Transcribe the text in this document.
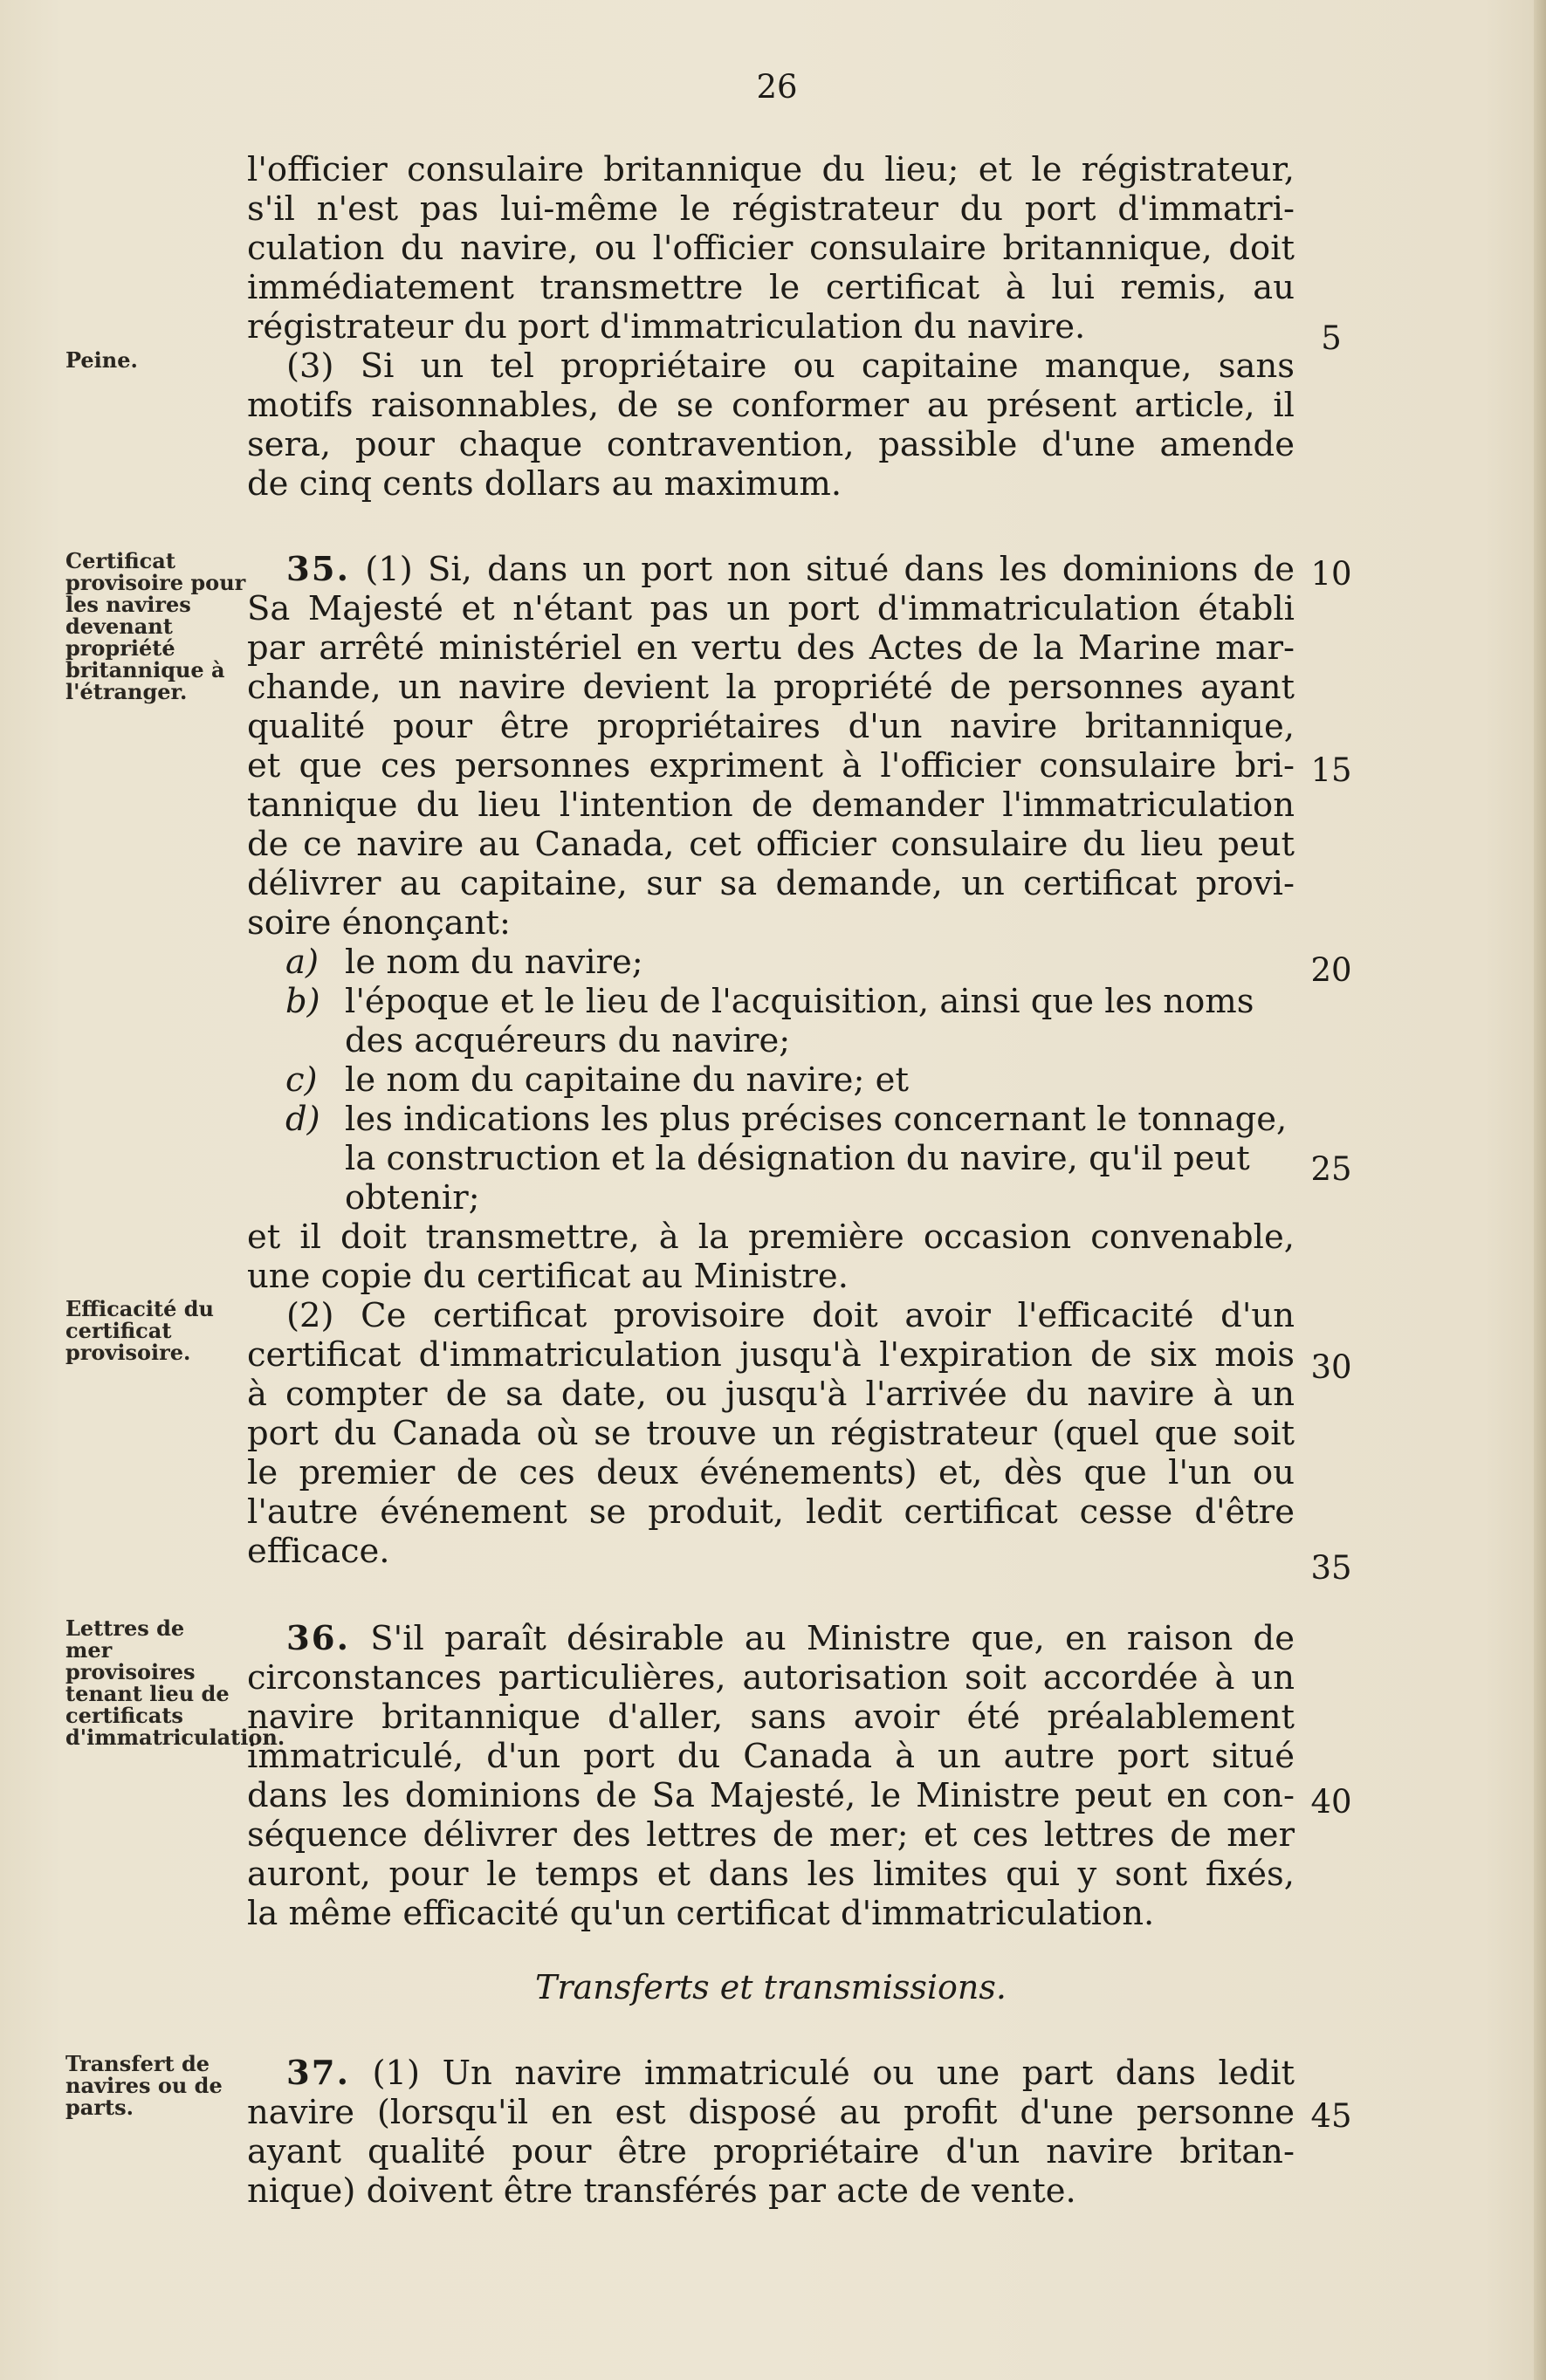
26
Peine.
Certificat provisoire pour les navires devenant propriété britannique à l'étranger.
Efficacité du certificat provisoire.
Lettres de mer provisoires tenant lieu de certificats d'immatriculation.
Transfert de navires ou de parts.
5
10
15
20
25
30
35
40
45

l'officier consulaire britannique du lieu; et le régistrateur,

s'il n'est pas lui-même le régistrateur du port d'immatri-

culation du navire, ou l'officier consulaire britannique, doit

immédiatement transmettre le certificat à lui remis, au

régistrateur du port d'immatriculation du navire.

(3) Si un tel propriétaire ou capitaine manque, sans

motifs raisonnables, de se conformer au présent article, il

sera, pour chaque contravention, passible d'une amende

de cinq cents dollars au maximum.

35. (1) Si, dans un port non situé dans les dominions de

Sa Majesté et n'étant pas un port d'immatriculation établi

par arrêté ministériel en vertu des Actes de la Marine mar-

chande, un navire devient la propriété de personnes ayant

qualité pour être propriétaires d'un navire britannique,

et que ces personnes expriment à l'officier consulaire bri-

tannique du lieu l'intention de demander l'immatriculation

de ce navire au Canada, cet officier consulaire du lieu peut

délivrer au capitaine, sur sa demande, un certificat provi-

soire énonçant:

a) le nom du navire;

b) l'époque et le lieu de l'acquisition, ainsi que les noms

des acquéreurs du navire;

c) le nom du capitaine du navire; et

d) les indications les plus précises concernant le tonnage,

la construction et la désignation du navire, qu'il peut

obtenir;

et il doit transmettre, à la première occasion convenable,

une copie du certificat au Ministre.

(2) Ce certificat provisoire doit avoir l'efficacité d'un

certificat d'immatriculation jusqu'à l'expiration de six mois

à compter de sa date, ou jusqu'à l'arrivée du navire à un

port du Canada où se trouve un régistrateur (quel que soit

le premier de ces deux événements) et, dès que l'un ou

l'autre événement se produit, ledit certificat cesse d'être

efficace.

36. S'il paraît désirable au Ministre que, en raison de

circonstances particulières, autorisation soit accordée à un

navire britannique d'aller, sans avoir été préalablement

immatriculé, d'un port du Canada à un autre port situé

dans les dominions de Sa Majesté, le Ministre peut en con-

séquence délivrer des lettres de mer; et ces lettres de mer

auront, pour le temps et dans les limites qui y sont fixés,

la même efficacité qu'un certificat d'immatriculation.

Transferts et transmissions.

37. (1) Un navire immatriculé ou une part dans ledit

navire (lorsqu'il en est disposé au profit d'une personne

ayant qualité pour être propriétaire d'un navire britan-

nique) doivent être transférés par acte de vente.
